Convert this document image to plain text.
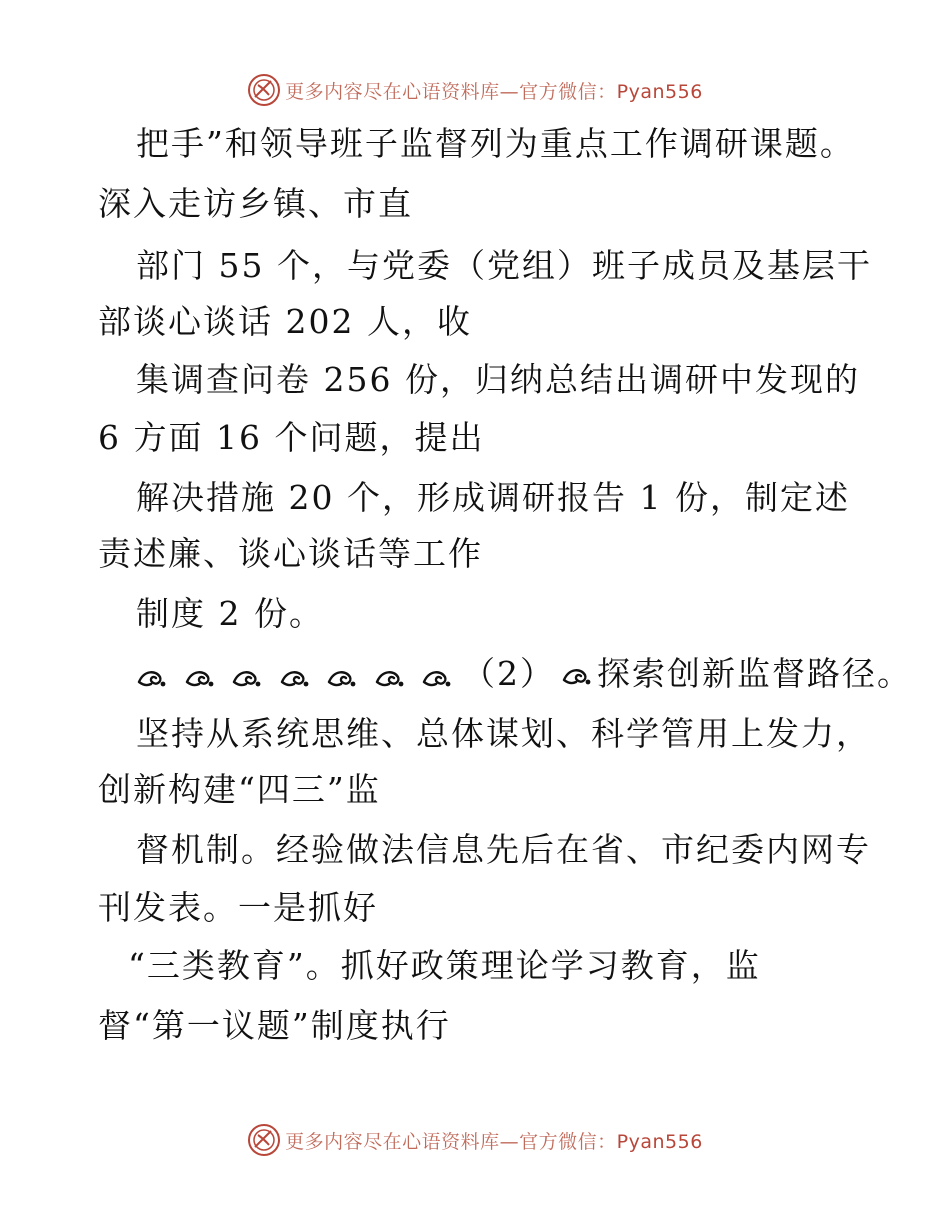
更多内容尽在心语资料库—官方微信：Pyan556
把手”和领导班子监督列为重点工作调研课题。
深入走访乡镇、市直
部门 55 个，与党委（党组）班子成员及基层干
部谈心谈话 202 人，收
集调查问卷 256 份，归纳总结出调研中发现的
6 方面 16 个问题，提出
解决措施 20 个，形成调研报告 1 份，制定述
责述廉、谈心谈话等工作
制度 2 份。
（2） 探索创新监督路径。
坚持从系统思维、总体谋划、科学管用上发力，
创新构建“四三”监
督机制。经验做法信息先后在省、市纪委内网专
刊发表。一是抓好
“三类教育”。抓好政策理论学习教育，监
督“第一议题”制度执行
更多内容尽在心语资料库—官方微信：Pyan556
